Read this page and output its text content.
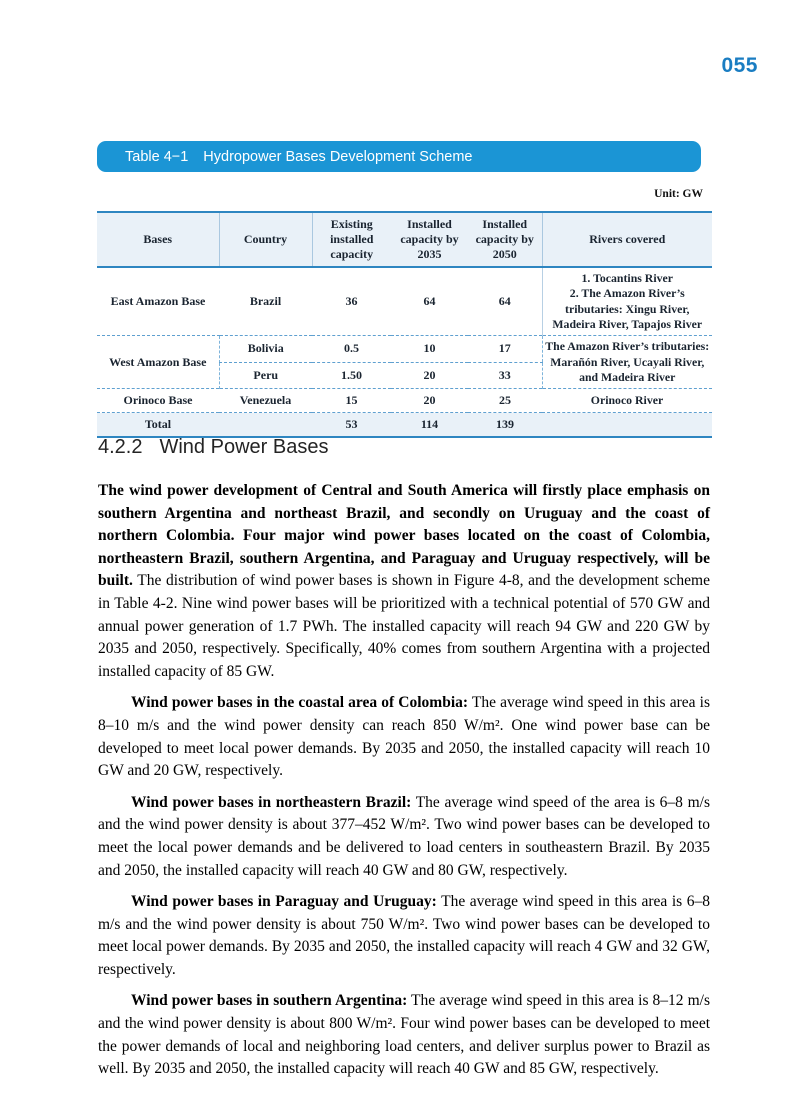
055
Table 4−1 Hydropower Bases Development Scheme
Unit: GW
Bases	Country	Existing installed capacity	Installed capacity by 2035	Installed capacity by 2050	Rivers covered
East Amazon Base	Brazil	36	64	64	1. Tocantins River
2. The Amazon River’s tributaries: Xingu River, Madeira River, Tapajos River

West Amazon Base	Bolivia	0.5	10	17	The Amazon River’s tributaries: Marañón River, Ucayali River, and Madeira River
	Peru	1.50	20	33	
Orinoco Base	Venezuela	15	20	25	Orinoco River
Total		53	114	139	
4.2.2 Wind Power Bases

The wind power development of Central and South America will firstly place emphasis on southern Argentina and northeast Brazil, and secondly on Uruguay and the coast of northern Colombia. Four major wind power bases located on the coast of Colombia, northeastern Brazil, southern Argentina, and Paraguay and Uruguay respectively, will be built. The distribution of wind power bases is shown in Figure 4-8, and the development scheme in Table 4-2. Nine wind power bases will be prioritized with a technical potential of 570 GW and annual power generation of 1.7 PWh. The installed capacity will reach 94 GW and 220 GW by 2035 and 2050, respectively. Specifically, 40% comes from southern Argentina with a projected installed capacity of 85 GW.

Wind power bases in the coastal area of Colombia: The average wind speed in this area is 8–10 m/s and the wind power density can reach 850 W/m². One wind power base can be developed to meet local power demands. By 2035 and 2050, the installed capacity will reach 10 GW and 20 GW, respectively.

Wind power bases in northeastern Brazil: The average wind speed of the area is 6–8 m/s and the wind power density is about 377–452 W/m². Two wind power bases can be developed to meet the local power demands and be delivered to load centers in southeastern Brazil. By 2035 and 2050, the installed capacity will reach 40 GW and 80 GW, respectively.

Wind power bases in Paraguay and Uruguay: The average wind speed in this area is 6–8 m/s and the wind power density is about 750 W/m². Two wind power bases can be developed to meet local power demands. By 2035 and 2050, the installed capacity will reach 4 GW and 32 GW, respectively.

Wind power bases in southern Argentina: The average wind speed in this area is 8–12 m/s and the wind power density is about 800 W/m². Four wind power bases can be developed to meet the power demands of local and neighboring load centers, and deliver surplus power to Brazil as well. By 2035 and 2050, the installed capacity will reach 40 GW and 85 GW, respectively.
